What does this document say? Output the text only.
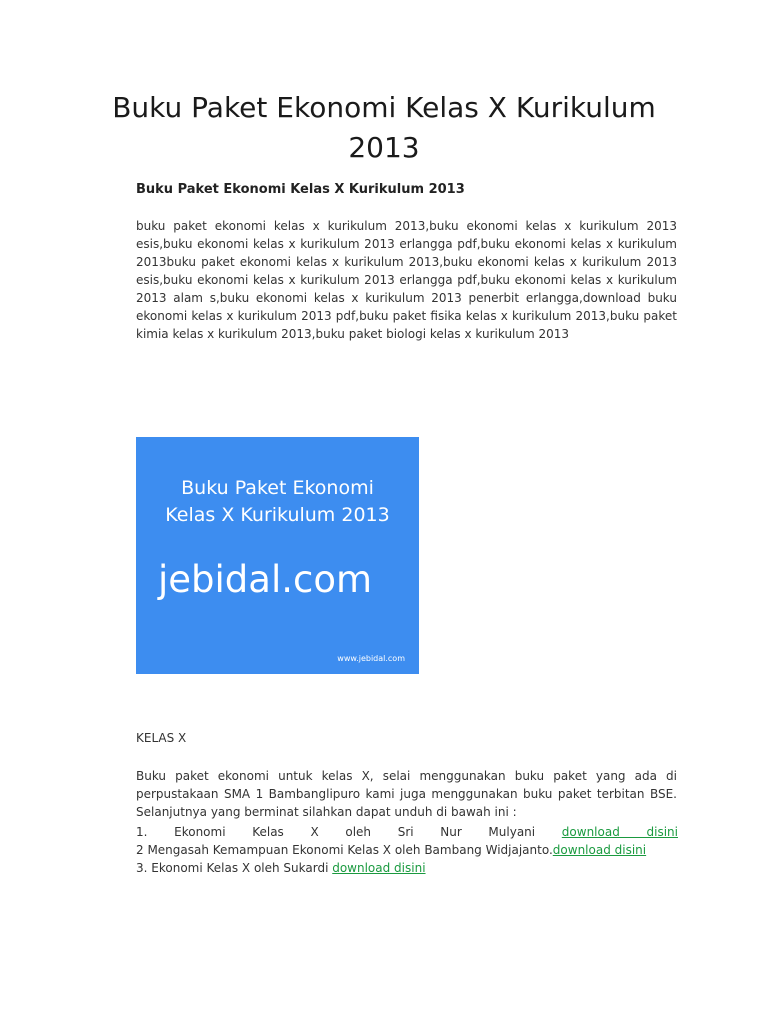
Buku Paket Ekonomi Kelas X Kurikulum 2013

Buku Paket Ekonomi Kelas X Kurikulum 2013

buku paket ekonomi kelas x kurikulum 2013,buku ekonomi kelas x kurikulum 2013 esis,buku ekonomi kelas x kurikulum 2013 erlangga pdf,buku ekonomi kelas x kurikulum 2013buku paket ekonomi kelas x kurikulum 2013,buku ekonomi kelas x kurikulum 2013 esis,buku ekonomi kelas x kurikulum 2013 erlangga pdf,buku ekonomi kelas x kurikulum 2013 alam s,buku ekonomi kelas x kurikulum 2013 penerbit erlangga,download buku ekonomi kelas x kurikulum 2013 pdf,buku paket fisika kelas x kurikulum 2013,buku paket kimia kelas x kurikulum 2013,buku paket biologi kelas x kurikulum 2013

Buku Paket Ekonomi
Kelas X Kurikulum 2013
jebidal.com
www.jebidal.com

KELAS X

Buku paket ekonomi untuk kelas X, selai menggunakan buku paket yang ada di perpustakaan SMA 1 Bambanglipuro kami juga menggunakan buku paket terbitan BSE. Selanjutnya yang berminat silahkan dapat unduh di bawah ini :

1. Ekonomi Kelas X oleh Sri Nur Mulyani download disini

2 Mengasah Kemampuan Ekonomi Kelas X oleh Bambang Widjajanto.download disini

3. Ekonomi Kelas X oleh Sukardi download disini
